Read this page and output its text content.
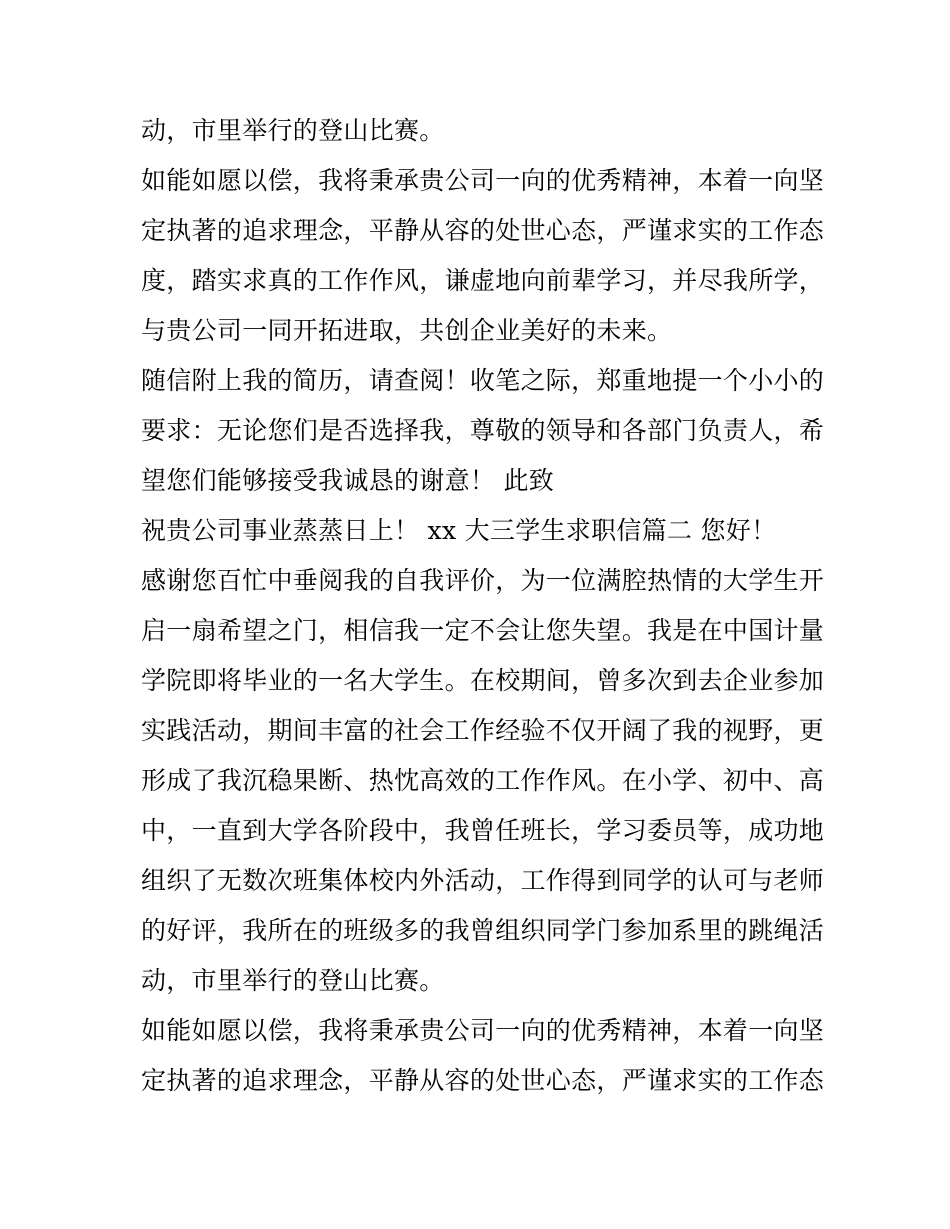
动，市里举行的登山比赛。
如能如愿以偿，我将秉承贵公司一向的优秀精神，本着一向坚
定执著的追求理念，平静从容的处世心态，严谨求实的工作态
度，踏实求真的工作作风，谦虚地向前辈学习，并尽我所学，
与贵公司一同开拓进取，共创企业美好的未来。
随信附上我的简历，请查阅！收笔之际，郑重地提一个小小的
要求：无论您们是否选择我，尊敬的领导和各部门负责人，希
望您们能够接受我诚恳的谢意！ 此致
祝贵公司事业蒸蒸日上！ xx 大三学生求职信篇二 您好！
感谢您百忙中垂阅我的自我评价，为一位满腔热情的大学生开
启一扇希望之门，相信我一定不会让您失望。我是在中国计量
学院即将毕业的一名大学生。在校期间，曾多次到去企业参加
实践活动，期间丰富的社会工作经验不仅开阔了我的视野，更
形成了我沉稳果断、热忱高效的工作作风。在小学、初中、高
中，一直到大学各阶段中，我曾任班长，学习委员等，成功地
组织了无数次班集体校内外活动，工作得到同学的认可与老师
的好评，我所在的班级多的我曾组织同学门参加系里的跳绳活
动，市里举行的登山比赛。
如能如愿以偿，我将秉承贵公司一向的优秀精神，本着一向坚
定执著的追求理念，平静从容的处世心态，严谨求实的工作态
